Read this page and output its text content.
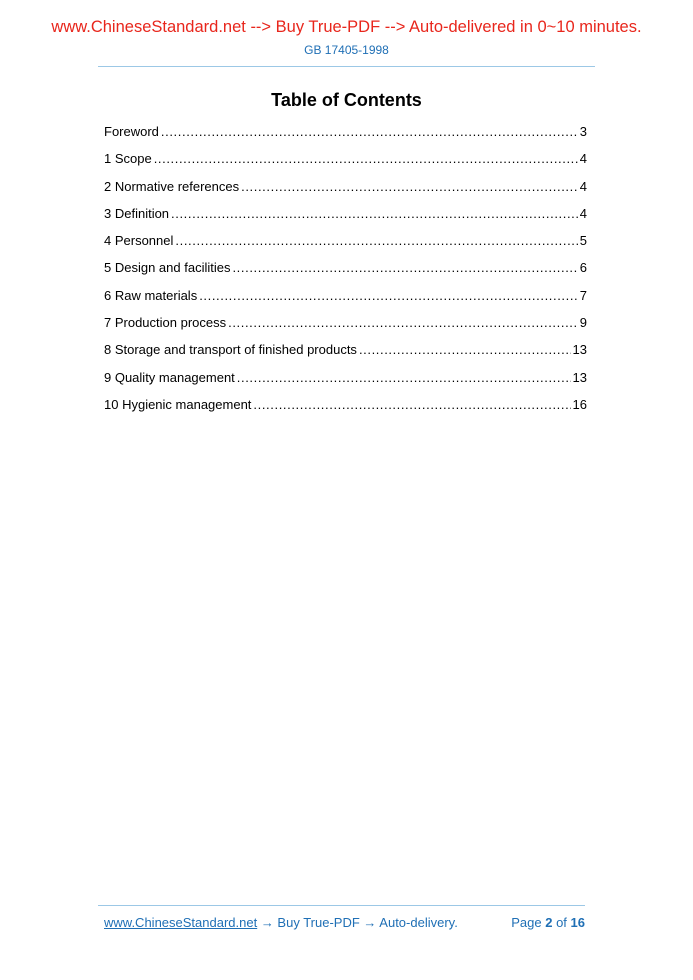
www.ChineseStandard.net --> Buy True-PDF --> Auto-delivered in 0~10 minutes.
GB 17405-1998
Table of Contents
Foreword .....	3
1 Scope .....	4
2 Normative references .....	4
3 Definition .....	4
4 Personnel .....	5
5 Design and facilities .....	6
6 Raw materials .....	7
7 Production process .....	9
8 Storage and transport of finished products .....	13
9 Quality management .....	13
10 Hygienic management .....	16
www.ChineseStandard.net → Buy True-PDF → Auto-delivery.	Page 2 of 16
